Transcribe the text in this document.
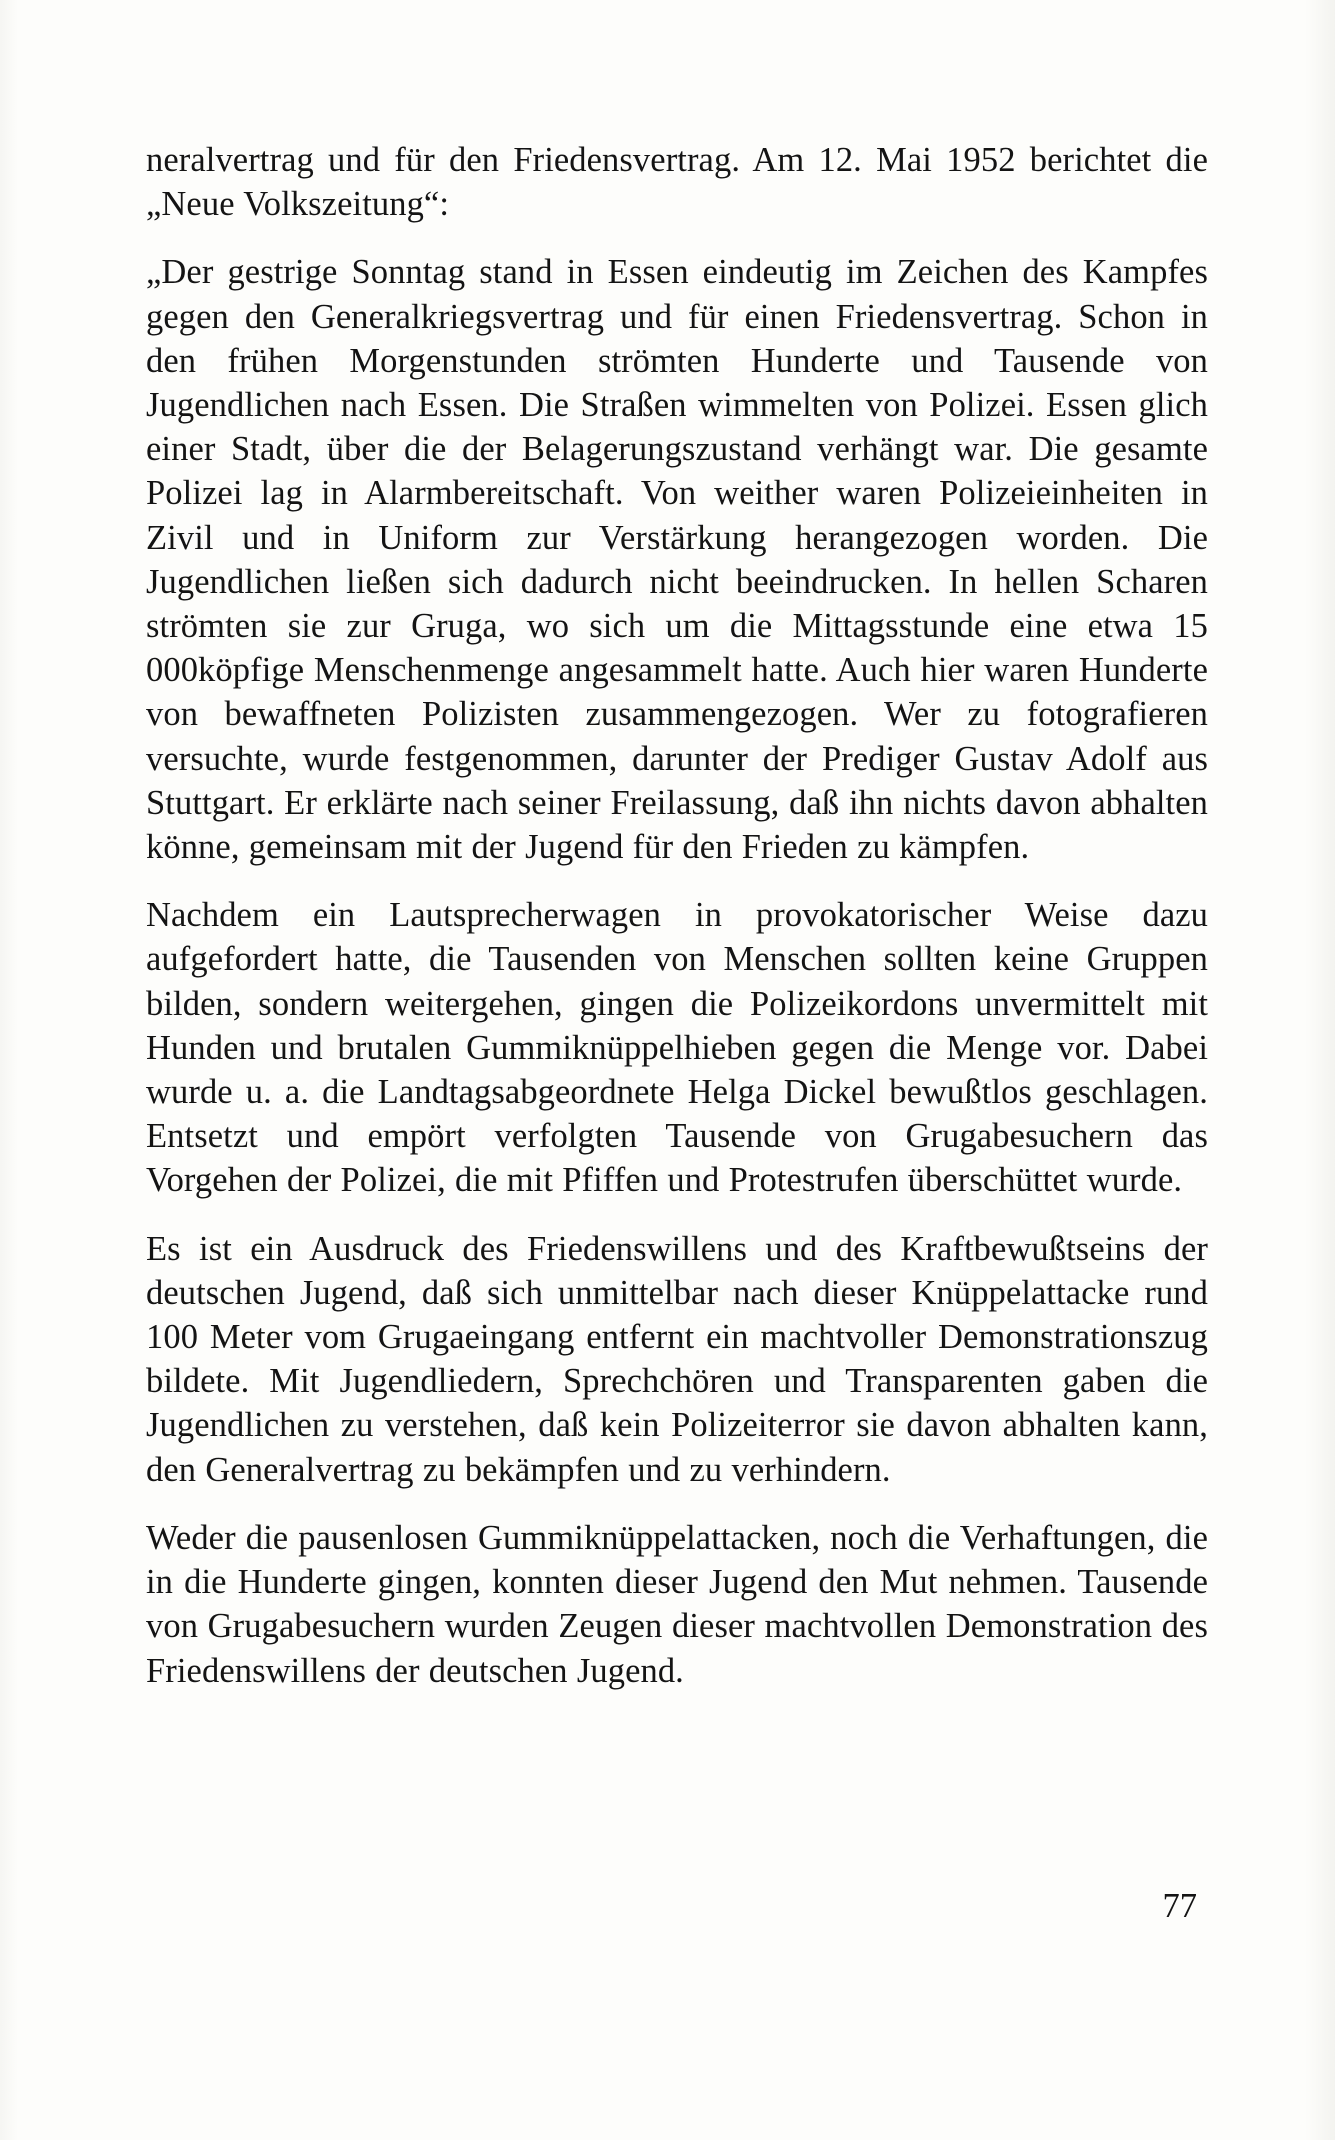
neralvertrag und für den Friedensvertrag. Am 12. Mai 1952 berichtet die „Neue Volkszeitung“:

„Der gestrige Sonntag stand in Essen eindeutig im Zeichen des Kampfes gegen den Generalkriegsvertrag und für einen Friedensvertrag. Schon in den frühen Morgenstunden strömten Hunderte und Tausende von Jugendlichen nach Essen. Die Straßen wimmelten von Polizei. Essen glich einer Stadt, über die der Belagerungszustand verhängt war. Die gesamte Polizei lag in Alarmbereitschaft. Von weither waren Polizeieinheiten in Zivil und in Uniform zur Verstärkung herangezogen worden. Die Jugendlichen ließen sich dadurch nicht beeindrucken. In hellen Scharen strömten sie zur Gruga, wo sich um die Mittagsstunde eine etwa 15 000köpfige Menschenmenge angesammelt hatte. Auch hier waren Hunderte von bewaffneten Polizisten zusammengezogen. Wer zu fotografieren versuchte, wurde festgenommen, darunter der Prediger Gustav Adolf aus Stuttgart. Er erklärte nach seiner Freilassung, daß ihn nichts davon abhalten könne, gemeinsam mit der Jugend für den Frieden zu kämpfen.

Nachdem ein Lautsprecherwagen in provokatorischer Weise dazu aufgefordert hatte, die Tausenden von Menschen sollten keine Gruppen bilden, sondern weitergehen, gingen die Polizeikordons unvermittelt mit Hunden und brutalen Gummiknüppelhieben gegen die Menge vor. Dabei wurde u. a. die Landtagsabgeordnete Helga Dickel bewußtlos geschlagen. Entsetzt und empört verfolgten Tausende von Grugabesuchern das Vorgehen der Polizei, die mit Pfiffen und Protestrufen überschüttet wurde.

Es ist ein Ausdruck des Friedenswillens und des Kraftbewußtseins der deutschen Jugend, daß sich unmittelbar nach dieser Knüppelattacke rund 100 Meter vom Grugaeingang entfernt ein machtvoller Demonstrationszug bildete. Mit Jugendliedern, Sprechchören und Transparenten gaben die Jugendlichen zu verstehen, daß kein Polizeiterror sie davon abhalten kann, den Generalvertrag zu bekämpfen und zu verhindern.

Weder die pausenlosen Gummiknüppelattacken, noch die Verhaftungen, die in die Hunderte gingen, konnten dieser Jugend den Mut nehmen. Tausende von Grugabesuchern wurden Zeugen dieser machtvollen Demonstration des Friedenswillens der deutschen Jugend.

77
